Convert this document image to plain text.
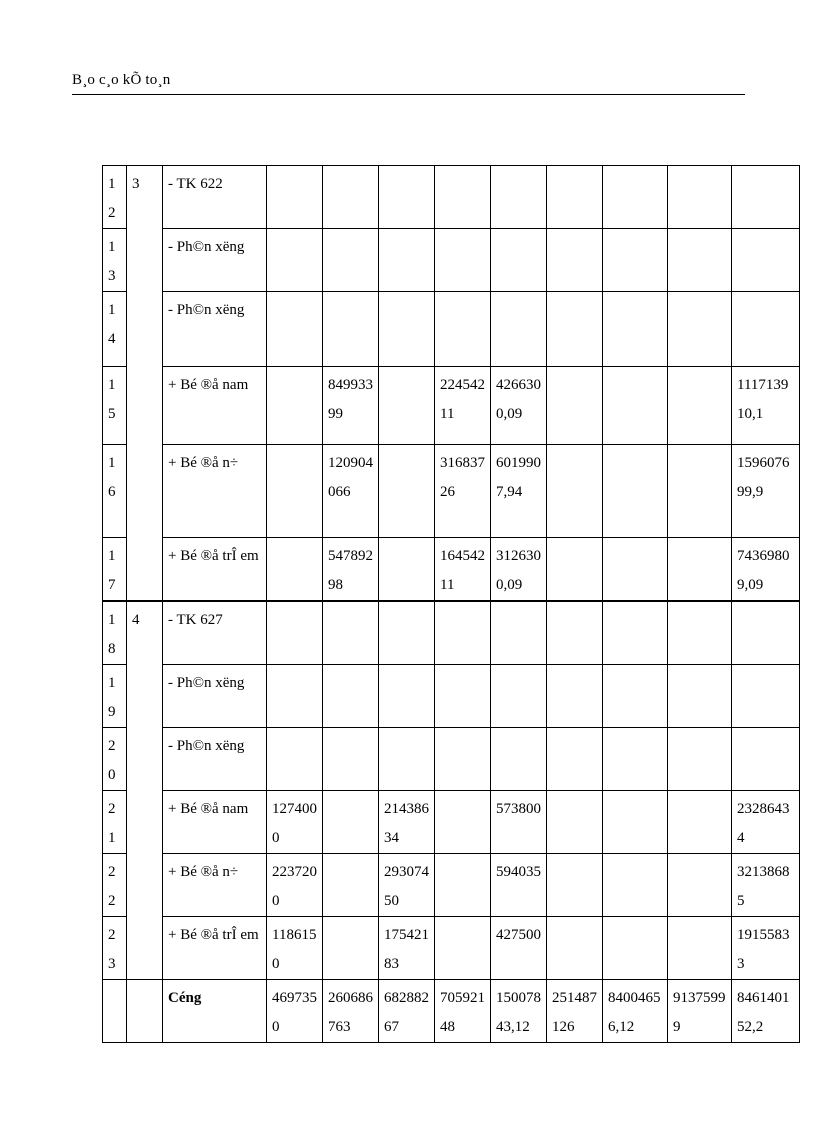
B¸o c¸o kÕ to¸n
12	3	- TK 622									
13		- Ph©n xëng									
14		- Ph©n xëng									
15		+ Bé ®å nam		84993399		22454211	4266300,09				111713910,1
16		+ Bé ®å n÷		120904066		31683726	6019907,94				159607699,9
17		+ Bé ®å trÎ em		54789298		16454211	3126300,09				74369809,09
18	4	- TK 627									
19		- Ph©n xëng									
20		- Ph©n xëng									
21		+ Bé ®å nam	1274000		21438634		573800				23286434
22		+ Bé ®å n÷	2237200		29307450		594035				32138685
23		+ Bé ®å trÎ em	1186150		17542183		427500				19155833
		Céng	4697350	260686763	68288267	70592148	15007843,12	251487126	84004656,12	91375999	846140152,2
